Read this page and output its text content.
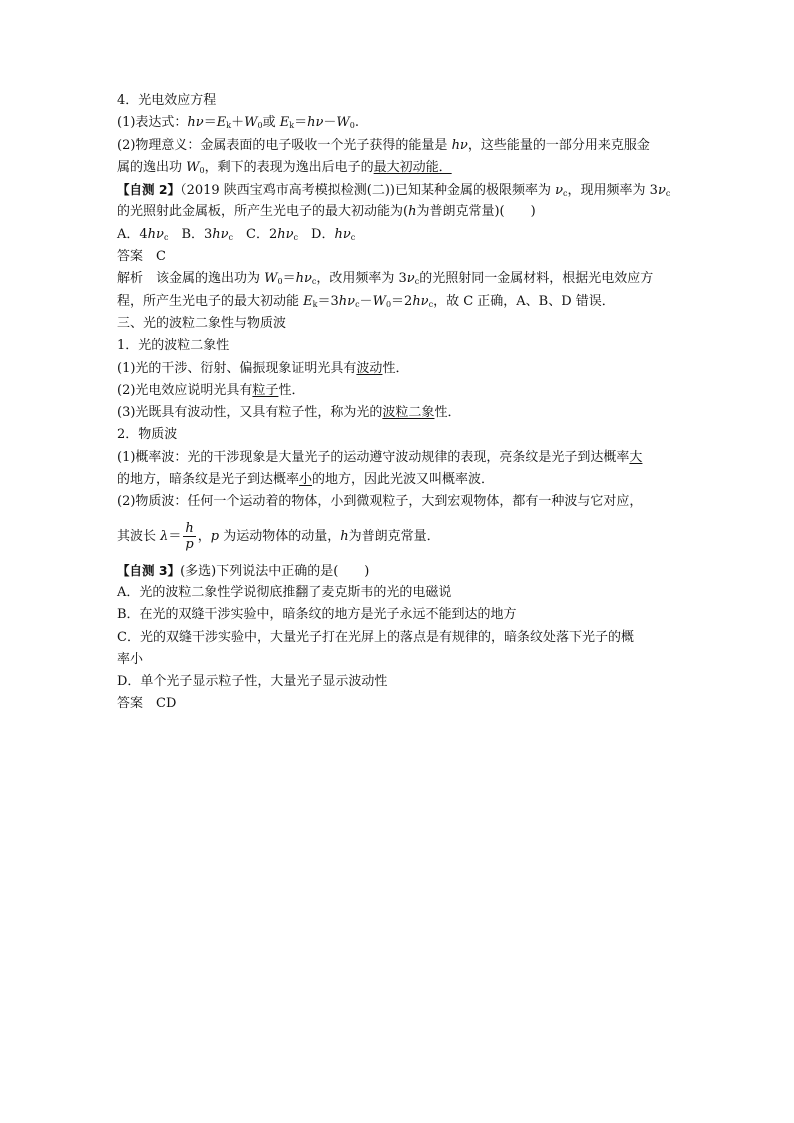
4．光电效应方程
(1)表达式：$h\nu=E_k+W_0$或 $E_k=h\nu-W_0$.
(2)物理意义：金属表面的电子吸收一个光子获得的能量是 hν，这些能量的一部分用来克服金
属的逸出功 $W_0$，剩下的表现为逸出后电子的最大初动能．
【自测 2】（2019 陕西宝鸡市高考模拟检测(二))已知某种金属的极限频率为 $\nu_c$，现用频率为 $3\nu_c$
的光照射此金属板，所产生光电子的最大初动能为(h为普朗克常量)(　　)
A．$4h\nu_c$　B．$3h\nu_c$　C．$2h\nu_c$　D．$h\nu_c$
答案　C
解析　该金属的逸出功为 $W_0=h\nu_c$，改用频率为 $3\nu_c$的光照射同一金属材料，根据光电效应方
程，所产生光电子的最大初动能 $E_k=3h\nu_c-W_0=2h\nu_c$，故 C 正确，A、B、D 错误．
三、光的波粒二象性与物质波
1．光的波粒二象性
(1)光的干涉、衍射、偏振现象证明光具有波动性．
(2)光电效应说明光具有粒子性．
(3)光既具有波动性，又具有粒子性，称为光的波粒二象性．
2．物质波
(1)概率波：光的干涉现象是大量光子的运动遵守波动规律的表现，亮条纹是光子到达概率大
的地方，暗条纹是光子到达概率小的地方，因此光波又叫概率波．
(2)物质波：任何一个运动着的物体，小到微观粒子，大到宏观物体，都有一种波与它对应，
其波长 $\lambda= \frac{h}{p}$ ，p 为运动物体的动量，h为普朗克常量．
【自测 3】(多选)下列说法中正确的是(　　)
A．光的波粒二象性学说彻底推翻了麦克斯韦的光的电磁说
B．在光的双缝干涉实验中，暗条纹的地方是光子永远不能到达的地方
C．光的双缝干涉实验中，大量光子打在光屏上的落点是有规律的，暗条纹处落下光子的概
率小
D．单个光子显示粒子性，大量光子显示波动性
答案　CD
